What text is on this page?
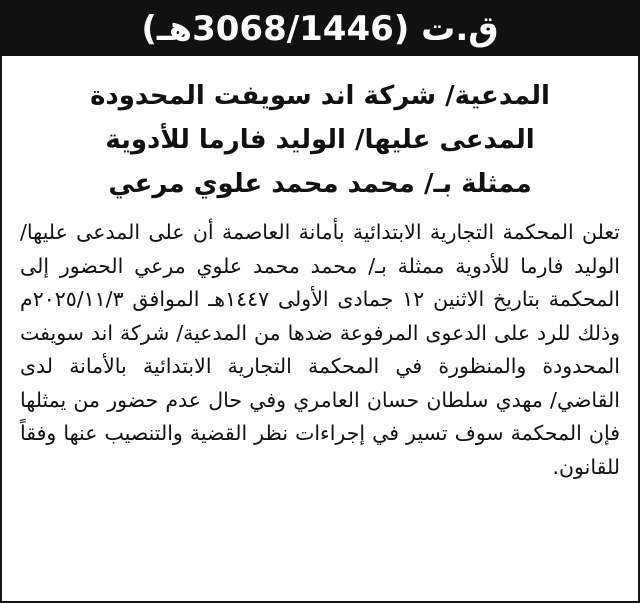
ق.ت (3068/1446هـ)
المدعية/ شركة اند سويفت المحدودة
المدعى عليها/ الوليد فارما للأدوية
ممثلة بـ/ محمد محمد علوي مرعي
تعلن المحكمة التجارية الابتدائية بأمانة العاصمة أن على المدعى عليها/ الوليد فارما للأدوية ممثلة بـ/ محمد محمد علوي مرعي الحضور إلى المحكمة بتاريخ الاثنين ١٢ جمادى الأولى ١٤٤٧هـ الموافق ٢٠٢٥/١١/٣م وذلك للرد على الدعوى المرفوعة ضدها من المدعية/ شركة اند سويفت المحدودة والمنظورة في المحكمة التجارية الابتدائية بالأمانة لدى القاضي/ مهدي سلطان حسان العامري وفي حال عدم حضور من يمثلها فإن المحكمة سوف تسير في إجراءات نظر القضية والتنصيب عنها وفقاً للقانون.
